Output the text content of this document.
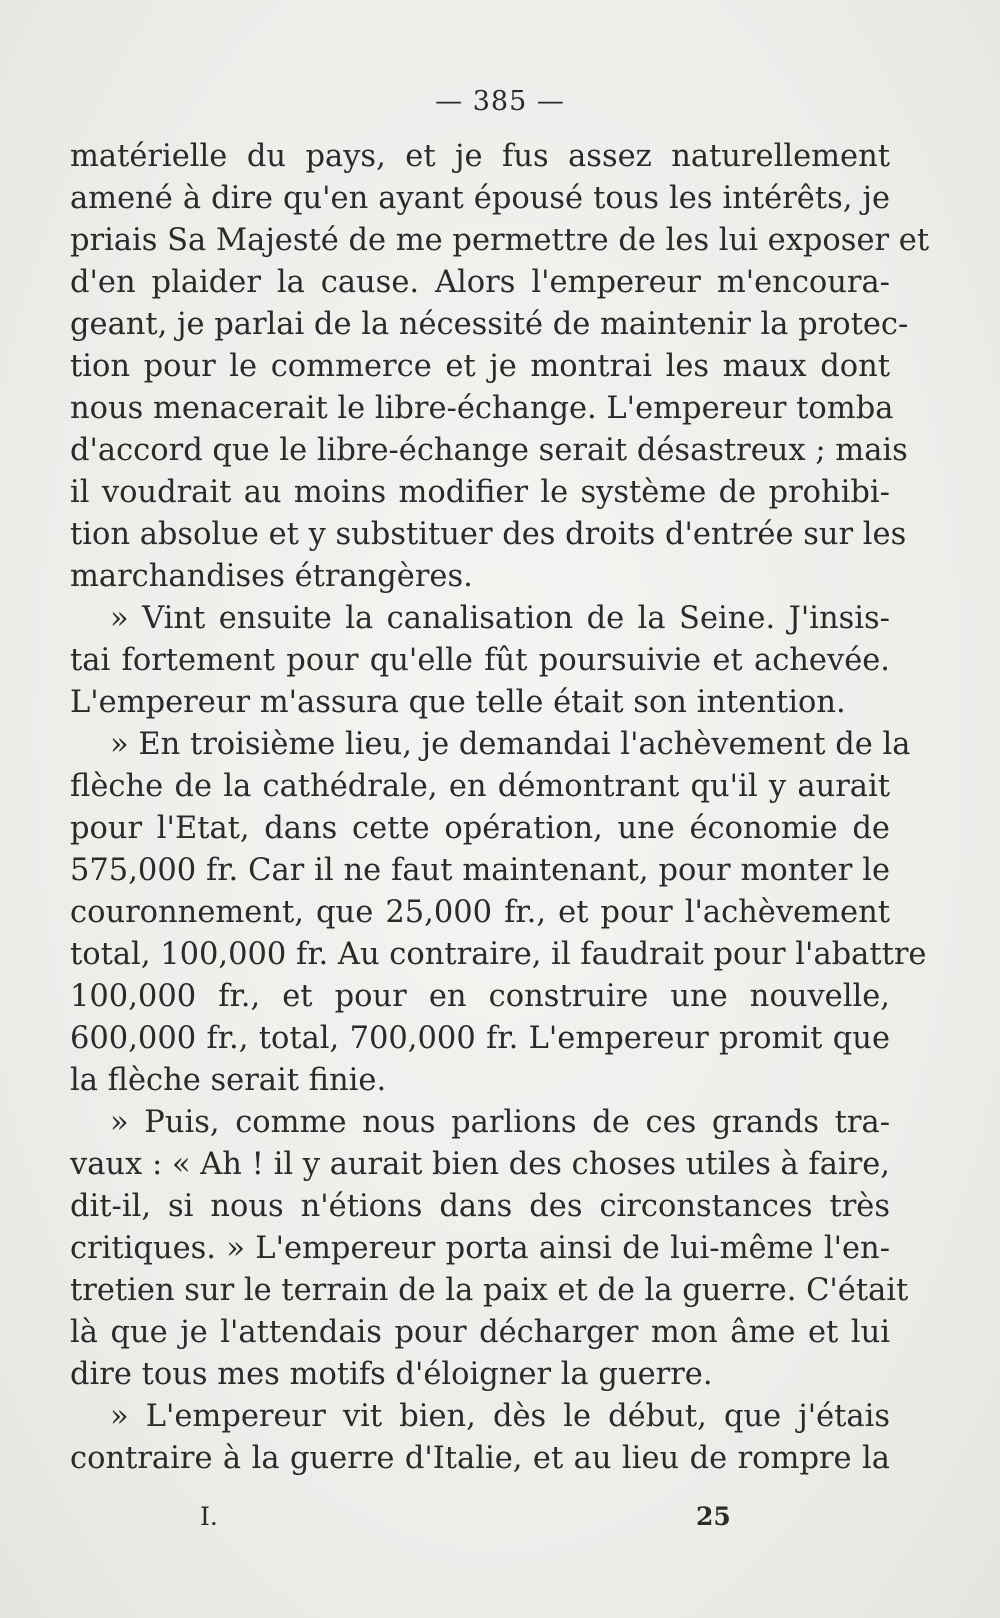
— 385 —
matérielle du pays, et je fus assez naturellement
amené à dire qu'en ayant épousé tous les intérêts, je
priais Sa Majesté de me permettre de les lui exposer et
d'en plaider la cause. Alors l'empereur m'encoura-
geant, je parlai de la nécessité de maintenir la protec-
tion pour le commerce et je montrai les maux dont
nous menacerait le libre-échange. L'empereur tomba
d'accord que le libre-échange serait désastreux ; mais
il voudrait au moins modifier le système de prohibi-
tion absolue et y substituer des droits d'entrée sur les
marchandises étrangères.
» Vint ensuite la canalisation de la Seine. J'insis-
tai fortement pour qu'elle fût poursuivie et achevée.
L'empereur m'assura que telle était son intention.
» En troisième lieu, je demandai l'achèvement de la
flèche de la cathédrale, en démontrant qu'il y aurait
pour l'Etat, dans cette opération, une économie de
575,000 fr. Car il ne faut maintenant, pour monter le
couronnement, que 25,000 fr., et pour l'achèvement
total, 100,000 fr. Au contraire, il faudrait pour l'abattre
100,000 fr., et pour en construire une nouvelle,
600,000 fr., total, 700,000 fr. L'empereur promit que
la flèche serait finie.
» Puis, comme nous parlions de ces grands tra-
vaux : « Ah ! il y aurait bien des choses utiles à faire,
dit-il, si nous n'étions dans des circonstances très
critiques. » L'empereur porta ainsi de lui-même l'en-
tretien sur le terrain de la paix et de la guerre. C'était
là que je l'attendais pour décharger mon âme et lui
dire tous mes motifs d'éloigner la guerre.
» L'empereur vit bien, dès le début, que j'étais
contraire à la guerre d'Italie, et au lieu de rompre la
I.	25
